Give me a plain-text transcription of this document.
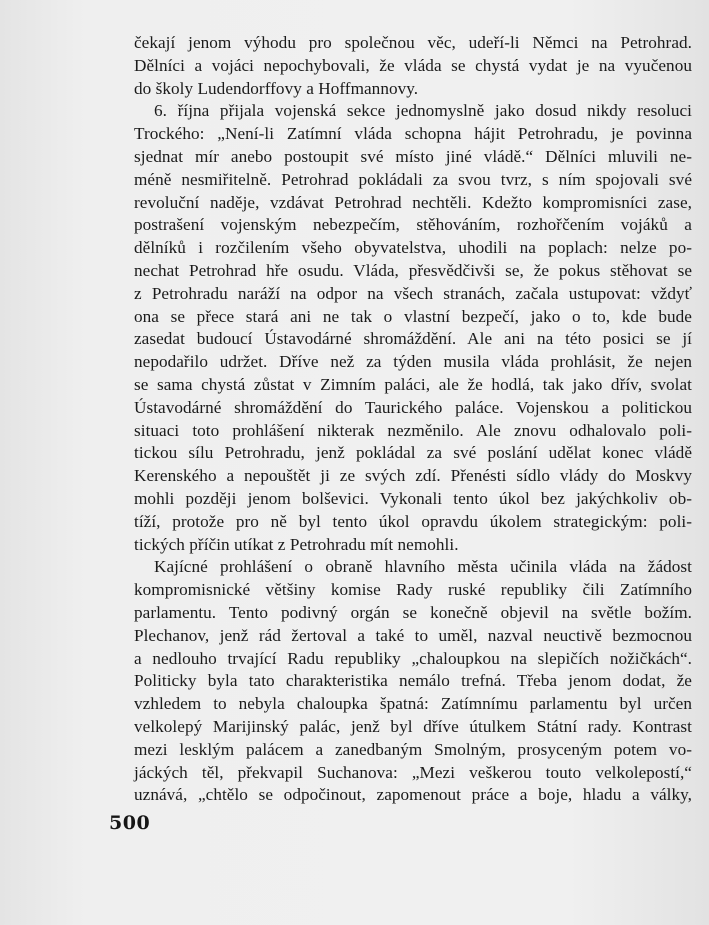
čekají jenom výhodu pro společnou věc, udeří-li Němci na Petrohrad.
Dělníci a vojáci nepochybovali, že vláda se chystá vydat je na vyučenou
do školy Ludendorffovy a Hoffmannovy.
6. října přijala vojenská sekce jednomyslně jako dosud nikdy resoluci
Trockého: „Není-li Zatímní vláda schopna hájit Petrohradu, je povinna
sjednat mír anebo postoupit své místo jiné vládě.“ Dělníci mluvili ne-
méně nesmiřitelně. Petrohrad pokládali za svou tvrz, s ním spojovali své
revoluční naděje, vzdávat Petrohrad nechtěli. Kdežto kompromisníci zase,
postrašení vojenským nebezpečím, stěhováním, rozhořčením vojáků a
dělníků i rozčilením všeho obyvatelstva, uhodili na poplach: nelze po-
nechat Petrohrad hře osudu. Vláda, přesvědčivši se, že pokus stěhovat se
z Petrohradu naráží na odpor na všech stranách, začala ustupovat: vždyť
ona se přece stará ani ne tak o vlastní bezpečí, jako o to, kde bude
zasedat budoucí Ústavodárné shromáždění. Ale ani na této posici se jí
nepodařilo udržet. Dříve než za týden musila vláda prohlásit, že nejen
se sama chystá zůstat v Zimním paláci, ale že hodlá, tak jako dřív, svolat
Ústavodárné shromáždění do Taurického paláce. Vojenskou a politickou
situaci toto prohlášení nikterak nezměnilo. Ale znovu odhalovalo poli-
tickou sílu Petrohradu, jenž pokládal za své poslání udělat konec vládě
Kerenského a nepouštět ji ze svých zdí. Přenésti sídlo vlády do Moskvy
mohli později jenom bolševici. Vykonali tento úkol bez jakýchkoliv ob-
tíží, protože pro ně byl tento úkol opravdu úkolem strategickým: poli-
tických příčin utíkat z Petrohradu mít nemohli.
Kajícné prohlášení o obraně hlavního města učinila vláda na žádost
kompromisnické většiny komise Rady ruské republiky čili Zatímního
parlamentu. Tento podivný orgán se konečně objevil na světle božím.
Plechanov, jenž rád žertoval a také to uměl, nazval neuctivě bezmocnou
a nedlouho trvající Radu republiky „chaloupkou na slepičích nožičkách“.
Politicky byla tato charakteristika nemálo trefná. Třeba jenom dodat, že
vzhledem to nebyla chaloupka špatná: Zatímnímu parlamentu byl určen
velkolepý Marijinský palác, jenž byl dříve útulkem Státní rady. Kontrast
mezi lesklým palácem a zanedbaným Smolným, prosyceným potem vo-
jáckých těl, překvapil Suchanova: „Mezi veškerou touto velkolepostí,“
uznává, „chtělo se odpočinout, zapomenout práce a boje, hladu a války,
500
